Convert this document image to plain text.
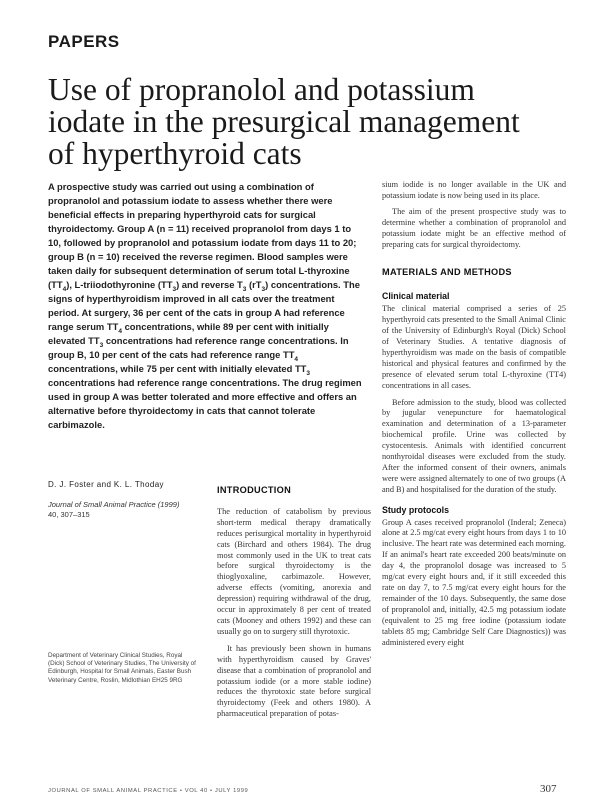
PAPERS
Use of propranolol and potassium
iodate in the presurgical management
of hyperthyroid cats
A prospective study was carried out using a combination of propranolol and potassium iodate to assess whether there were beneficial effects in preparing hyperthyroid cats for surgical thyroidectomy. Group A (n = 11) received propranolol from days 1 to 10, followed by propranolol and potassium iodate from days 11 to 20; group B (n = 10) received the reverse regimen. Blood samples were taken daily for subsequent determination of serum total L-thyroxine $(TT_4)$, L-triiodothyronine $(TT_3)$ and reverse $T_3$ $(rT_3)$ concentrations. The signs of hyperthyroidism improved in all cats over the treatment period. At surgery, 36 per cent of the cats in group A had reference range serum $TT_4$ concentrations, while 89 per cent with initially elevated $TT_3$ concentrations had reference range concentrations. In group B, 10 per cent of the cats had reference range $TT_4$ concentrations, while 75 per cent with initially elevated $TT_3$ concentrations had reference range concentrations. The drug regimen used in group A was better tolerated and more effective and offers an alternative before thyroidectomy in cats that cannot tolerate carbimazole.
D. J. Foster and K. L. Thoday
Journal of Small Animal Practice (1999)
40, 307–315
Department of Veterinary Clinical Studies, Royal (Dick) School of Veterinary Studies, The University of Edinburgh, Hospital for Small Animals, Easter Bush Veterinary Centre, Roslin, Midlothian EH25 9RG
INTRODUCTION

The reduction of catabolism by previous short-term medical therapy dramatically reduces perisurgical mortality in hyperthyroid cats (Birchard and others 1984). The drug most commonly used in the UK to treat cats before surgical thyroidectomy is the thioglyoxaline, carbimazole. However, adverse effects (vomiting, anorexia and depression) requiring withdrawal of the drug, occur in approximately 8 per cent of treated cats (Mooney and others 1992) and these can usually go on to surgery still thyrotoxic.

It has previously been shown in humans with hyperthyroidism caused by Graves' disease that a combination of propranolol and potassium iodide (or a more stable iodine) reduces the thyrotoxic state before surgical thyroidectomy (Feek and others 1980). A pharmaceutical preparation of potas-

sium iodide is no longer available in the UK and potassium iodate is now being used in its place.

The aim of the present prospective study was to determine whether a combination of propranolol and potassium iodate might be an effective method of preparing cats for surgical thyroidectomy.

MATERIALS AND METHODS
Clinical material

The clinical material comprised a series of 25 hyperthyroid cats presented to the Small Animal Clinic of the University of Edinburgh's Royal (Dick) School of Veterinary Studies. A tentative diagnosis of hyperthyroidism was made on the basis of compatible historical and physical features and confirmed by the presence of elevated serum total L-thyroxine (TT4) concentrations in all cases.

Before admission to the study, blood was collected by jugular venepuncture for haematological examination and determination of a 13-parameter biochemical profile. Urine was collected by cystocentesis. Animals with identified concurrent nonthyroidal diseases were excluded from the study. After the informed consent of their owners, animals were were assigned alternately to one of two groups (A and B) and hospitalised for the duration of the study.

Study protocols

Group A cases received propranolol (Inderal; Zeneca) alone at 2.5 mg/cat every eight hours from days 1 to 10 inclusive. The heart rate was determined each morning. If an animal's heart rate exceeded 200 beats/minute on day 4, the propranolol dosage was increased to 5 mg/cat every eight hours and, if it still exceeded this rate on day 7, to 7.5 mg/cat every eight hours for the remainder of the 10 days. Subsequently, the same dose of propranolol and, initially, 42.5 mg potassium iodate (equivalent to 25 mg free iodine (potassium iodate tablets 85 mg; Cambridge Self Care Diagnostics)) was administered every eight

JOURNAL OF SMALL ANIMAL PRACTICE • VOL 40 • JULY 1999	307
